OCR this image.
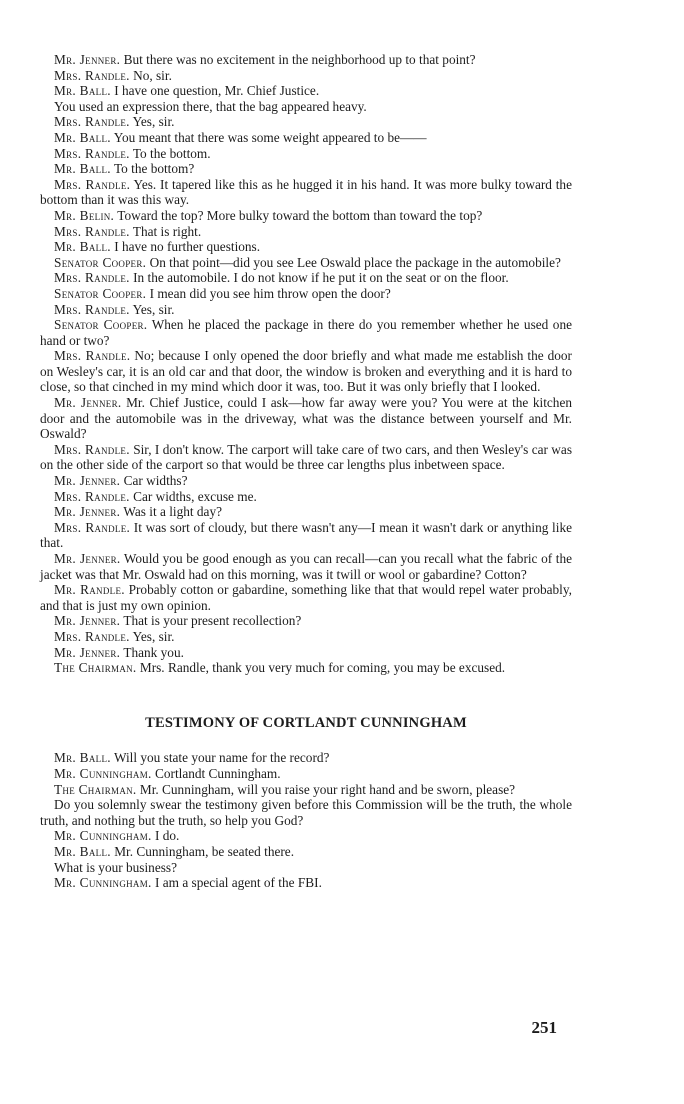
Mr. Jenner. But there was no excitement in the neighborhood up to that point?

Mrs. Randle. No, sir.

Mr. Ball. I have one question, Mr. Chief Justice.

You used an expression there, that the bag appeared heavy.

Mrs. Randle. Yes, sir.

Mr. Ball. You meant that there was some weight appeared to be——

Mrs. Randle. To the bottom.

Mr. Ball. To the bottom?

Mrs. Randle. Yes. It tapered like this as he hugged it in his hand. It was more bulky toward the bottom than it was this way.

Mr. Belin. Toward the top? More bulky toward the bottom than toward the top?

Mrs. Randle. That is right.

Mr. Ball. I have no further questions.

Senator Cooper. On that point—did you see Lee Oswald place the package in the automobile?

Mrs. Randle. In the automobile. I do not know if he put it on the seat or on the floor.

Senator Cooper. I mean did you see him throw open the door?

Mrs. Randle. Yes, sir.

Senator Cooper. When he placed the package in there do you remember whether he used one hand or two?

Mrs. Randle. No; because I only opened the door briefly and what made me establish the door on Wesley's car, it is an old car and that door, the window is broken and everything and it is hard to close, so that cinched in my mind which door it was, too. But it was only briefly that I looked.

Mr. Jenner. Mr. Chief Justice, could I ask—how far away were you? You were at the kitchen door and the automobile was in the driveway, what was the distance between yourself and Mr. Oswald?

Mrs. Randle. Sir, I don't know. The carport will take care of two cars, and then Wesley's car was on the other side of the carport so that would be three car lengths plus inbetween space.

Mr. Jenner. Car widths?

Mrs. Randle. Car widths, excuse me.

Mr. Jenner. Was it a light day?

Mrs. Randle. It was sort of cloudy, but there wasn't any—I mean it wasn't dark or anything like that.

Mr. Jenner. Would you be good enough as you can recall—can you recall what the fabric of the jacket was that Mr. Oswald had on this morning, was it twill or wool or gabardine? Cotton?

Mr. Randle. Probably cotton or gabardine, something like that that would repel water probably, and that is just my own opinion.

Mr. Jenner. That is your present recollection?

Mrs. Randle. Yes, sir.

Mr. Jenner. Thank you.

The Chairman. Mrs. Randle, thank you very much for coming, you may be excused.

TESTIMONY OF CORTLANDT CUNNINGHAM

Mr. Ball. Will you state your name for the record?

Mr. Cunningham. Cortlandt Cunningham.

The Chairman. Mr. Cunningham, will you raise your right hand and be sworn, please?

Do you solemnly swear the testimony given before this Commission will be the truth, the whole truth, and nothing but the truth, so help you God?

Mr. Cunningham. I do.

Mr. Ball. Mr. Cunningham, be seated there.

What is your business?

Mr. Cunningham. I am a special agent of the FBI.

251
